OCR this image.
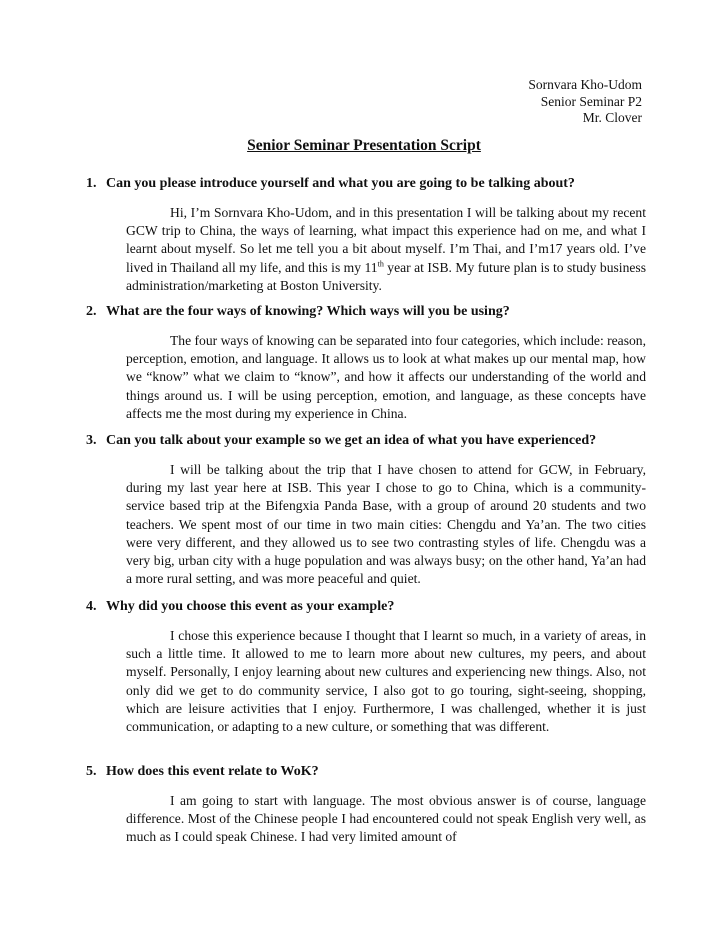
Sornvara Kho-Udom
Senior Seminar P2
Mr. Clover
Senior Seminar Presentation Script
1. Can you please introduce yourself and what you are going to be talking about?
Hi, I’m Sornvara Kho-Udom, and in this presentation I will be talking about my recent GCW trip to China, the ways of learning, what impact this experience had on me, and what I learnt about myself. So let me tell you a bit about myself. I’m Thai, and I’m17 years old. I’ve lived in Thailand all my life, and this is my 11th year at ISB. My future plan is to study business administration/marketing at Boston University.
2. What are the four ways of knowing? Which ways will you be using?
The four ways of knowing can be separated into four categories, which include: reason, perception, emotion, and language. It allows us to look at what makes up our mental map, how we “know” what we claim to “know”, and how it affects our understanding of the world and things around us. I will be using perception, emotion, and language, as these concepts have affects me the most during my experience in China.
3. Can you talk about your example so we get an idea of what you have experienced?
I will be talking about the trip that I have chosen to attend for GCW, in February, during my last year here at ISB. This year I chose to go to China, which is a community-service based trip at the Bifengxia Panda Base, with a group of around 20 students and two teachers. We spent most of our time in two main cities: Chengdu and Ya’an. The two cities were very different, and they allowed us to see two contrasting styles of life. Chengdu was a very big, urban city with a huge population and was always busy; on the other hand, Ya’an had a more rural setting, and was more peaceful and quiet.
4. Why did you choose this event as your example?
I chose this experience because I thought that I learnt so much, in a variety of areas, in such a little time. It allowed to me to learn more about new cultures, my peers, and about myself. Personally, I enjoy learning about new cultures and experiencing new things. Also, not only did we get to do community service, I also got to go touring, sight-seeing, shopping, which are leisure activities that I enjoy. Furthermore, I was challenged, whether it is just communication, or adapting to a new culture, or something that was different.
5. How does this event relate to WoK?
I am going to start with language. The most obvious answer is of course, language difference. Most of the Chinese people I had encountered could not speak English very well, as much as I could speak Chinese. I had very limited amount of
